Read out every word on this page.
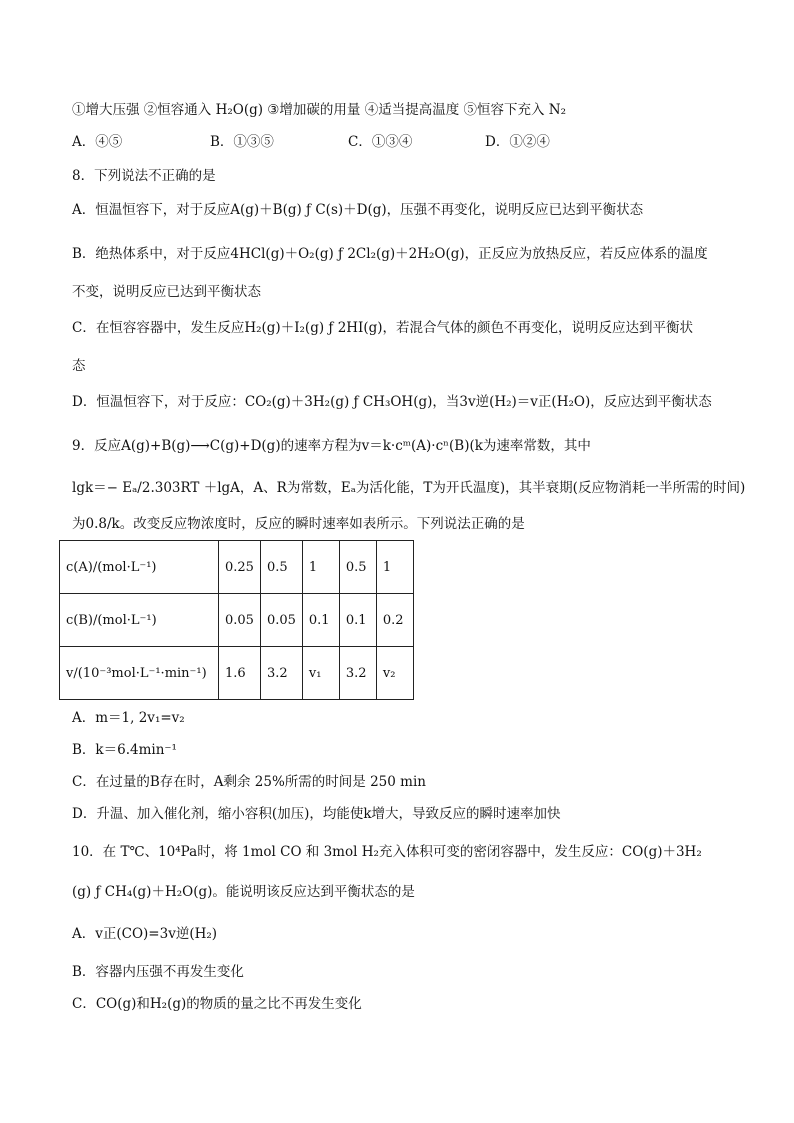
①增大压强 ②恒容通入 H₂O(g) ③增加碳的用量 ④适当提高温度 ⑤恒容下充入 N₂
A．④⑤	B．①③⑤	C．①③④	D．①②④
8．下列说法不正确的是
A．恒温恒容下，对于反应A(g)＋B(g) ƒ C(s)＋D(g)，压强不再变化，说明反应已达到平衡状态
B．绝热体系中，对于反应4HCl(g)＋O₂(g) ƒ 2Cl₂(g)＋2H₂O(g)，正反应为放热反应，若反应体系的温度
不变，说明反应已达到平衡状态
C．在恒容容器中，发生反应H₂(g)＋I₂(g) ƒ 2HI(g)，若混合气体的颜色不再变化，说明反应达到平衡状
态
D．恒温恒容下，对于反应：CO₂(g)＋3H₂(g) ƒ CH₃OH(g)，当3v逆(H₂)＝v正(H₂O)，反应达到平衡状态
9．反应A(g)+B(g)⟶C(g)+D(g)的速率方程为v＝k·cᵐ(A)·cⁿ(B)(k为速率常数，其中
lgk＝− Eₐ/2.303RT ＋lgA，A、R为常数，Eₐ为活化能，T为开氏温度)，其半衰期(反应物消耗一半所需的时间)
为0.8/k。改变反应物浓度时，反应的瞬时速率如表所示。下列说法正确的是
c(A)/(mol·L⁻¹)	0.25	0.5	1	0.5	1
c(B)/(mol·L⁻¹)	0.05	0.05	0.1	0.1	0.2
v/(10⁻³mol·L⁻¹·min⁻¹)	1.6	3.2	v₁	3.2	v₂
A．m＝1, 2v₁=v₂
B．k＝6.4min⁻¹
C．在过量的B存在时，A剩余 25%所需的时间是 250 min
D．升温、加入催化剂，缩小容积(加压)，均能使k增大，导致反应的瞬时速率加快
10．在 T℃、10⁴Pa时，将 1mol CO 和 3mol H₂充入体积可变的密闭容器中，发生反应：CO(g)＋3H₂
(g) ƒ CH₄(g)＋H₂O(g)。能说明该反应达到平衡状态的是
A．v正(CO)=3v逆(H₂)
B．容器内压强不再发生变化
C．CO(g)和H₂(g)的物质的量之比不再发生变化
